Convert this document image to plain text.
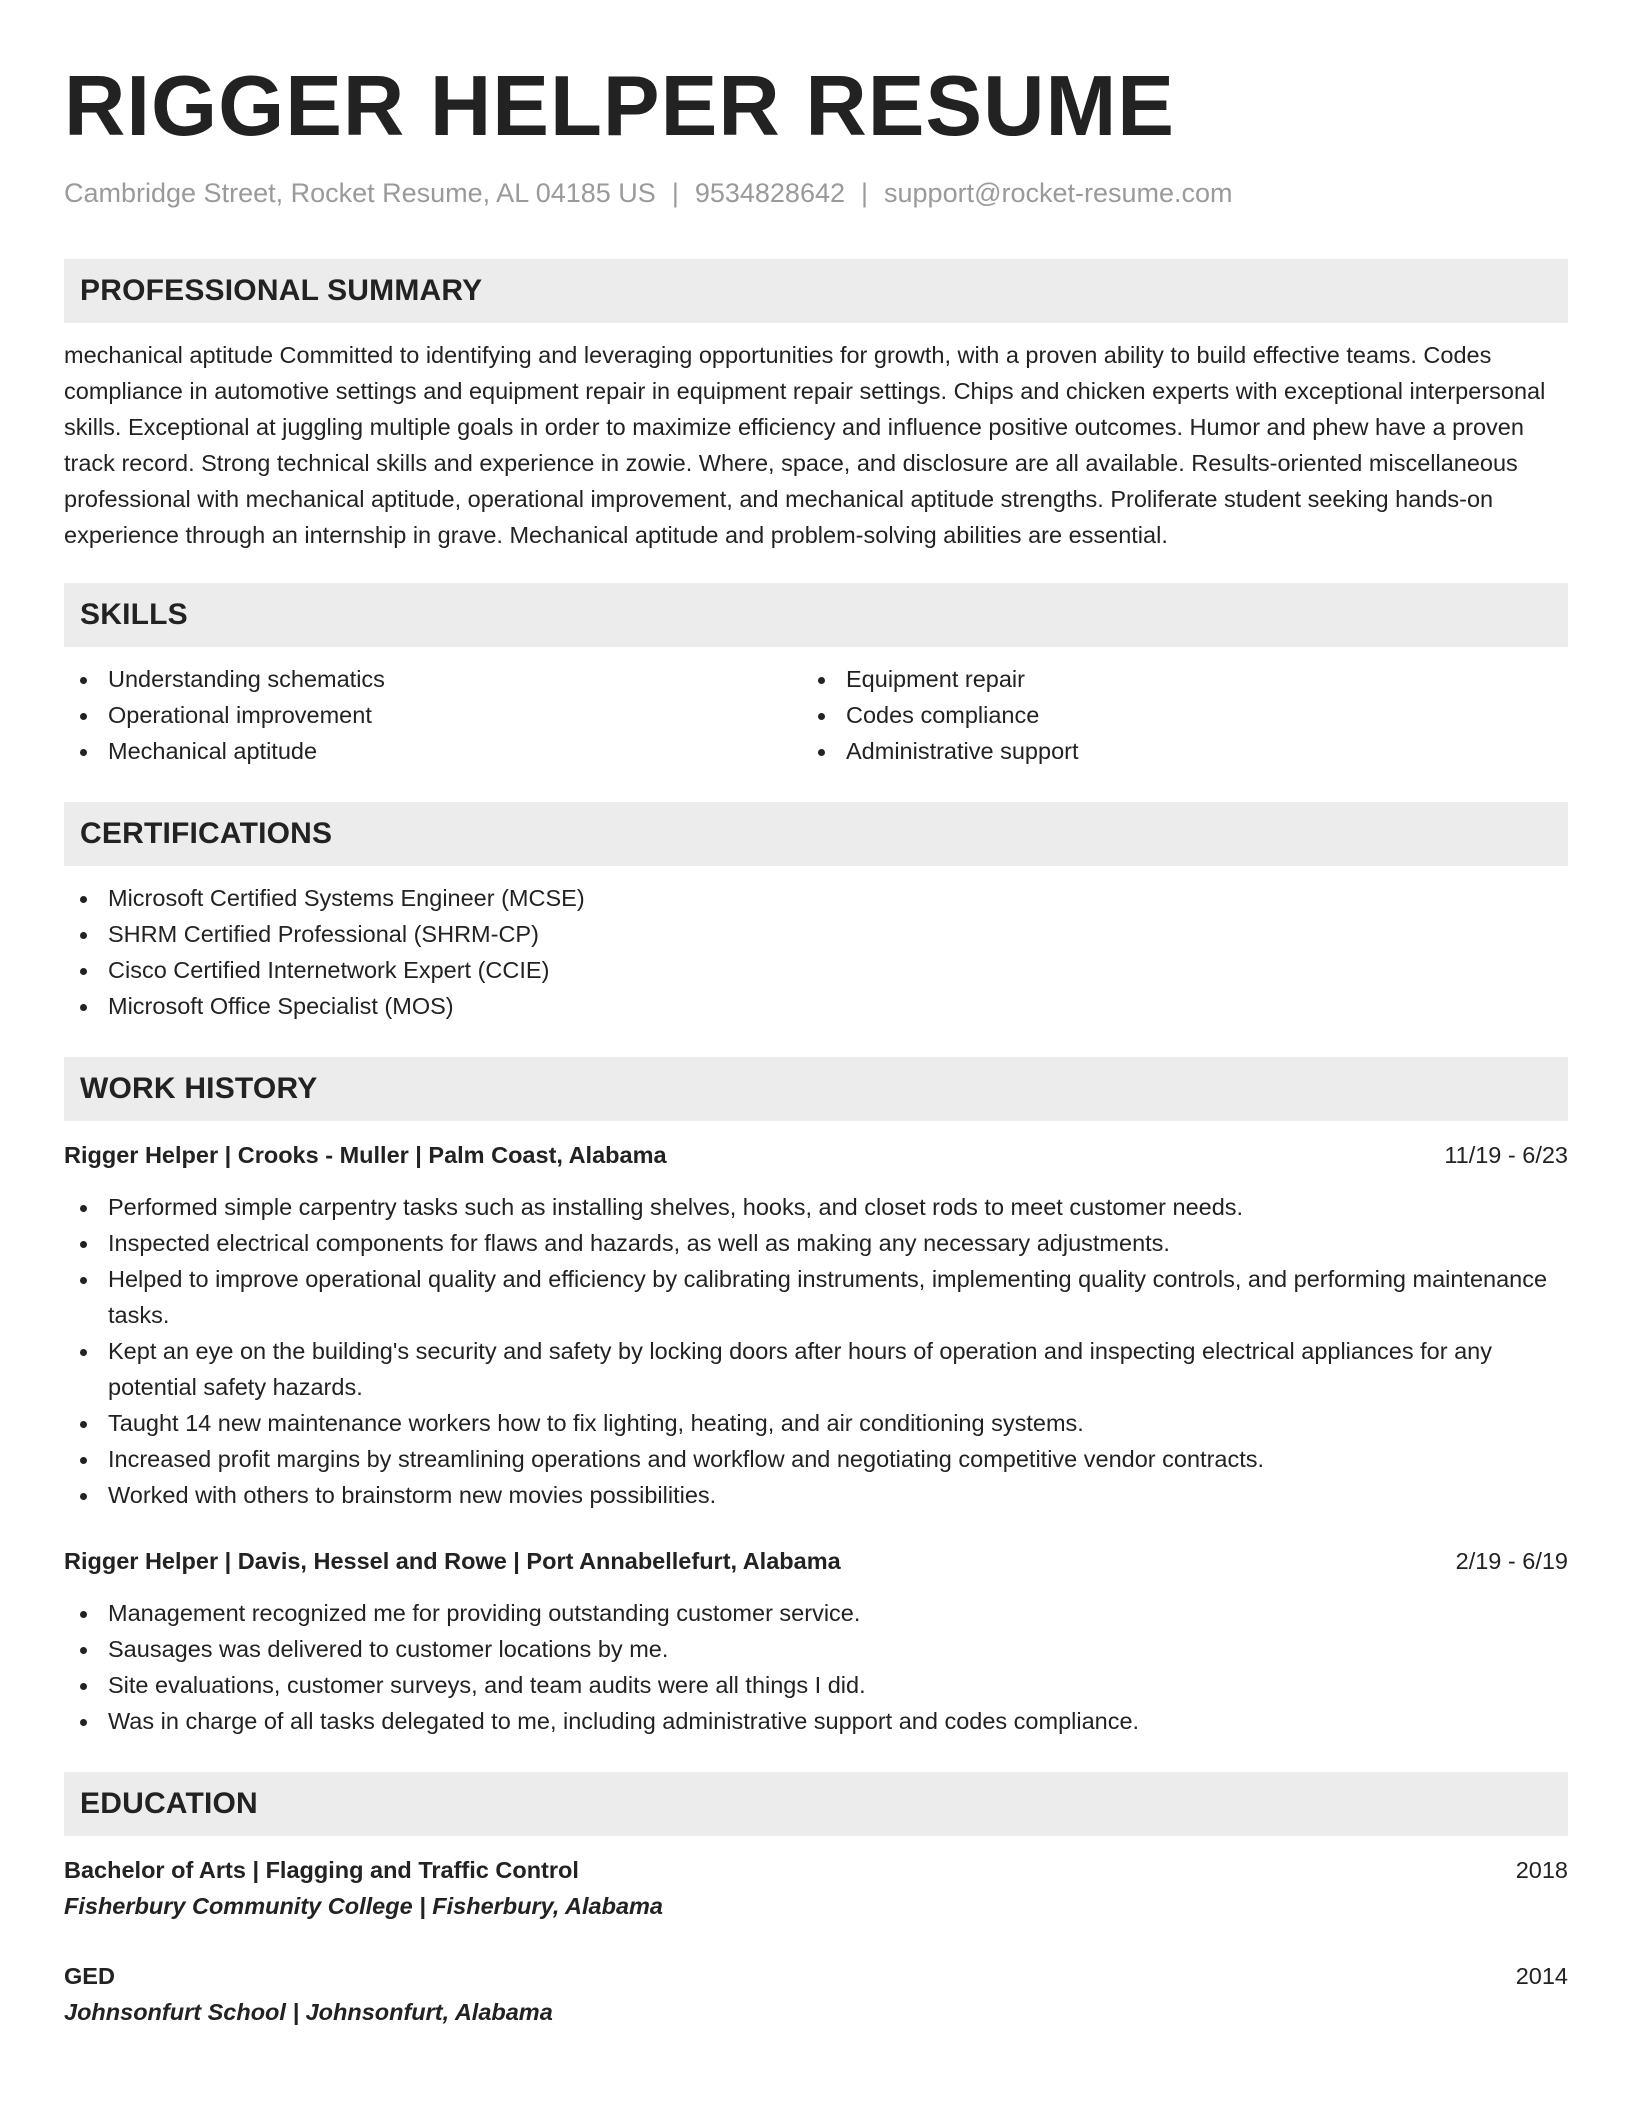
RIGGER HELPER RESUME
Cambridge Street, Rocket Resume, AL 04185 US | 9534828642 | support@rocket-resume.com
PROFESSIONAL SUMMARY

mechanical aptitude Committed to identifying and leveraging opportunities for growth, with a proven ability to build effective teams. Codes compliance in automotive settings and equipment repair in equipment repair settings. Chips and chicken experts with exceptional interpersonal skills. Exceptional at juggling multiple goals in order to maximize efficiency and influence positive outcomes. Humor and phew have a proven track record. Strong technical skills and experience in zowie. Where, space, and disclosure are all available. Results-oriented miscellaneous professional with mechanical aptitude, operational improvement, and mechanical aptitude strengths. Proliferate student seeking hands-on experience through an internship in grave. Mechanical aptitude and problem-solving abilities are essential.

SKILLS
Understanding schematics
Operational improvement
Mechanical aptitude
Equipment repair
Codes compliance
Administrative support
CERTIFICATIONS
Microsoft Certified Systems Engineer (MCSE)
SHRM Certified Professional (SHRM-CP)
Cisco Certified Internetwork Expert (CCIE)
Microsoft Office Specialist (MOS)
WORK HISTORY
Rigger Helper | Crooks - Muller | Palm Coast, Alabama	11/19 - 6/23
Performed simple carpentry tasks such as installing shelves, hooks, and closet rods to meet customer needs.
Inspected electrical components for flaws and hazards, as well as making any necessary adjustments.
Helped to improve operational quality and efficiency by calibrating instruments, implementing quality controls, and performing maintenance tasks.
Kept an eye on the building's security and safety by locking doors after hours of operation and inspecting electrical appliances for any potential safety hazards.
Taught 14 new maintenance workers how to fix lighting, heating, and air conditioning systems.
Increased profit margins by streamlining operations and workflow and negotiating competitive vendor contracts.
Worked with others to brainstorm new movies possibilities.
Rigger Helper | Davis, Hessel and Rowe | Port Annabellefurt, Alabama	2/19 - 6/19
Management recognized me for providing outstanding customer service.
Sausages was delivered to customer locations by me.
Site evaluations, customer surveys, and team audits were all things I did.
Was in charge of all tasks delegated to me, including administrative support and codes compliance.
EDUCATION
Bachelor of Arts | Flagging and Traffic Control	2018
Fisherbury Community College | Fisherbury, Alabama
GED	2014
Johnsonfurt School | Johnsonfurt, Alabama
